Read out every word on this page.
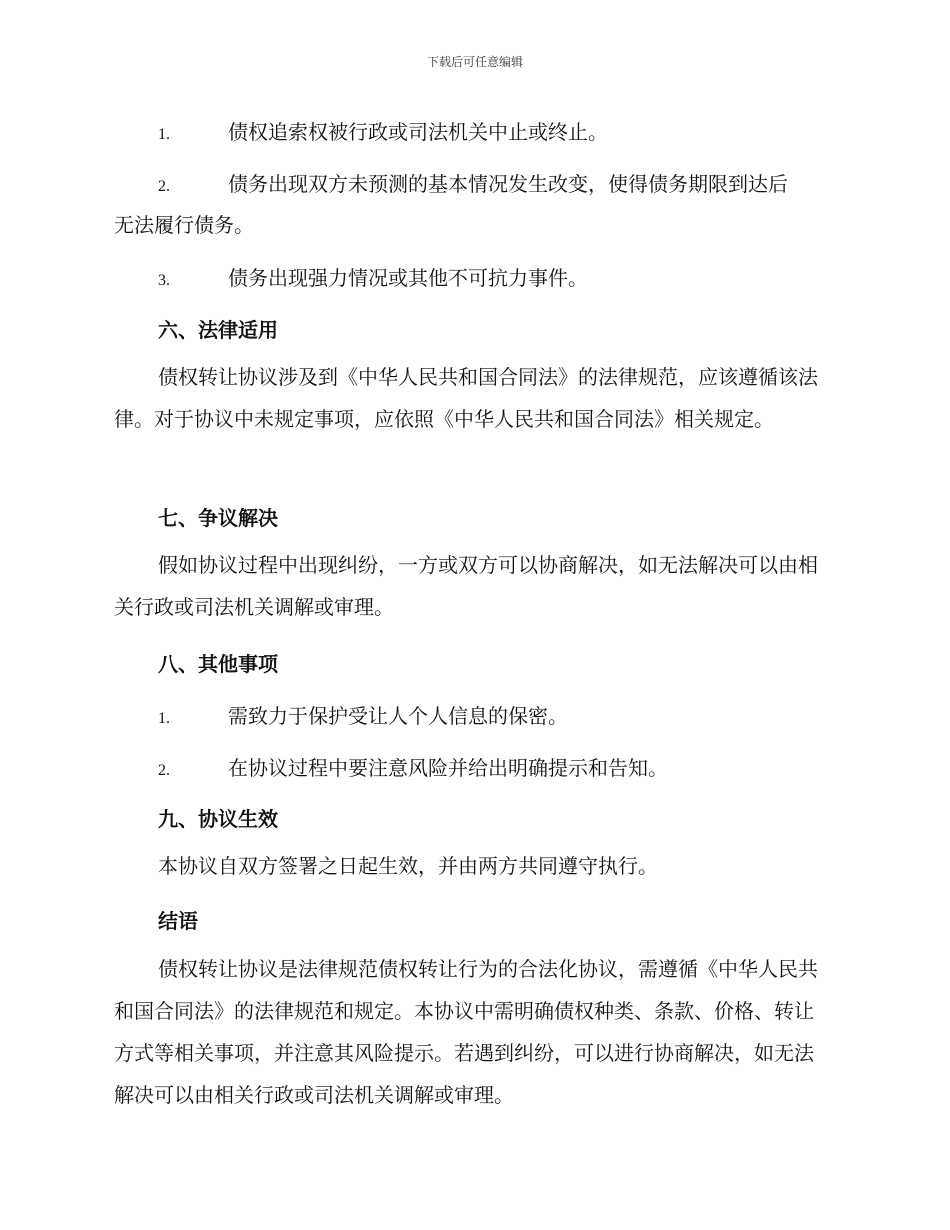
下载后可任意编辑
1.	债权追索权被行政或司法机关中止或终止。
2.	债务出现双方未预测的基本情况发生改变，使得债务期限到达后
无法履行债务。
3.	债务出现强力情况或其他不可抗力事件。
六、法律适用
债权转让协议涉及到《中华人民共和国合同法》的法律规范，应该遵循该法律。对于协议中未规定事项，应依照《中华人民共和国合同法》相关规定。
七、争议解决
假如协议过程中出现纠纷，一方或双方可以协商解决，如无法解决可以由相关行政或司法机关调解或审理。
八、其他事项
1.	需致力于保护受让人个人信息的保密。
2.	在协议过程中要注意风险并给出明确提示和告知。
九、协议生效
本协议自双方签署之日起生效，并由两方共同遵守执行。
结语
债权转让协议是法律规范债权转让行为的合法化协议，需遵循《中华人民共和国合同法》的法律规范和规定。本协议中需明确债权种类、条款、价格、转让方式等相关事项，并注意其风险提示。若遇到纠纷，可以进行协商解决，如无法解决可以由相关行政或司法机关调解或审理。
